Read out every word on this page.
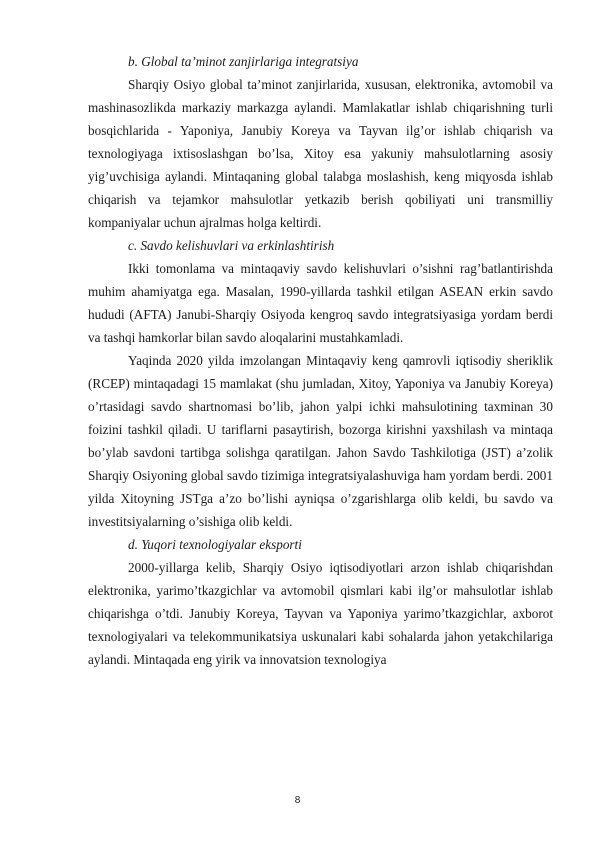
b. Global ta’minot zanjirlariga integratsiya

Sharqiy Osiyo global ta’minot zanjirlarida, xususan, elektronika, avtomobil va mashinasozlikda markaziy markazga aylandi. Mamlakatlar ishlab chiqarishning turli bosqichlarida - Yaponiya, Janubiy Koreya va Tayvan ilg’or ishlab chiqarish va texnologiyaga ixtisoslashgan bo’lsa, Xitoy esa yakuniy mahsulotlarning asosiy yig’uvchisiga aylandi. Mintaqaning global talabga moslashish, keng miqyosda ishlab chiqarish va tejamkor mahsulotlar yetkazib berish qobiliyati uni transmilliy kompaniyalar uchun ajralmas holga keltirdi.

c. Savdo kelishuvlari va erkinlashtirish

Ikki tomonlama va mintaqaviy savdo kelishuvlari o’sishni rag’batlantirishda muhim ahamiyatga ega. Masalan, 1990-yillarda tashkil etilgan ASEAN erkin savdo hududi (AFTA) Janubi-Sharqiy Osiyoda kengroq savdo integratsiyasiga yordam berdi va tashqi hamkorlar bilan savdo aloqalarini mustahkamladi.

Yaqinda 2020 yilda imzolangan Mintaqaviy keng qamrovli iqtisodiy sheriklik (RCEP) mintaqadagi 15 mamlakat (shu jumladan, Xitoy, Yaponiya va Janubiy Koreya) o’rtasidagi savdo shartnomasi bo’lib, jahon yalpi ichki mahsulotining taxminan 30 foizini tashkil qiladi. U tariflarni pasaytirish, bozorga kirishni yaxshilash va mintaqa bo’ylab savdoni tartibga solishga qaratilgan. Jahon Savdo Tashkilotiga (JST) a’zolik Sharqiy Osiyoning global savdo tizimiga integratsiyalashuviga ham yordam berdi. 2001 yilda Xitoyning JSTga a’zo bo’lishi ayniqsa o’zgarishlarga olib keldi, bu savdo va investitsiyalarning o’sishiga olib keldi.

d. Yuqori texnologiyalar eksporti

2000-yillarga kelib, Sharqiy Osiyo iqtisodiyotlari arzon ishlab chiqarishdan elektronika, yarimo’tkazgichlar va avtomobil qismlari kabi ilg’or mahsulotlar ishlab chiqarishga o’tdi. Janubiy Koreya, Tayvan va Yaponiya yarimo’tkazgichlar, axborot texnologiyalari va telekommunikatsiya uskunalari kabi sohalarda jahon yetakchilariga aylandi. Mintaqada eng yirik va innovatsion texnologiya

8
